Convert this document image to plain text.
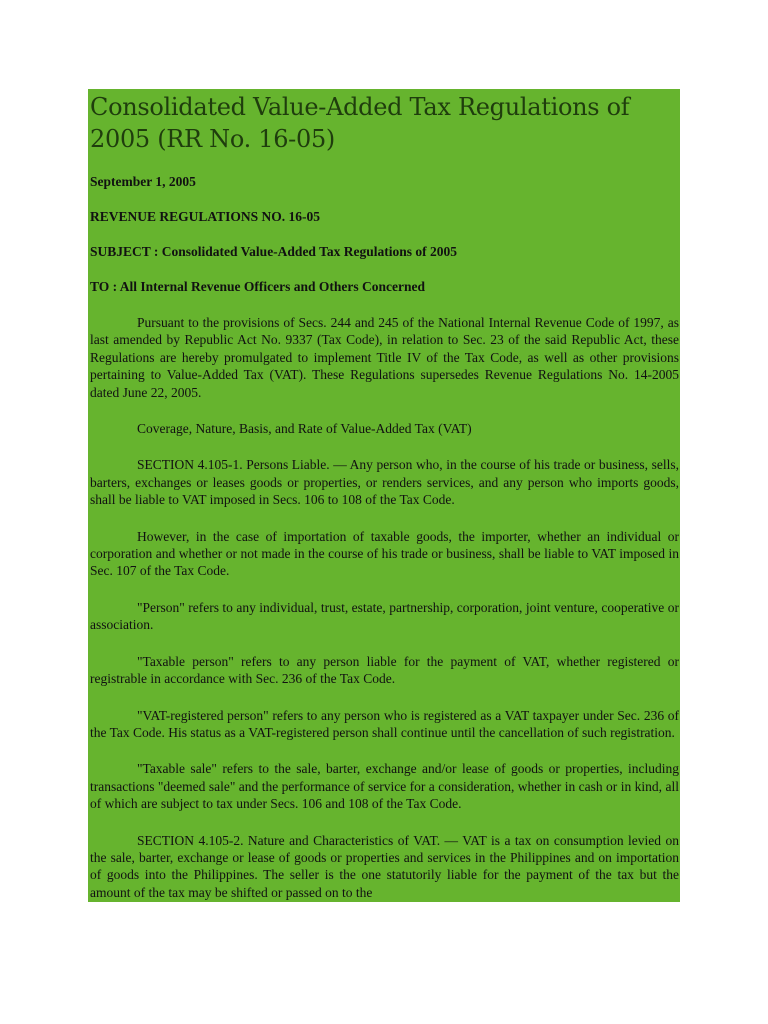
Consolidated Value-Added Tax Regulations of 2005 (RR No. 16-05)

September 1, 2005

REVENUE REGULATIONS NO. 16-05

SUBJECT : Consolidated Value-Added Tax Regulations of 2005

TO : All Internal Revenue Officers and Others Concerned

Pursuant to the provisions of Secs. 244 and 245 of the National Internal Revenue Code of 1997, as last amended by Republic Act No. 9337 (Tax Code), in relation to Sec. 23 of the said Republic Act, these Regulations are hereby promulgated to implement Title IV of the Tax Code, as well as other provisions pertaining to Value-Added Tax (VAT). These Regulations supersedes Revenue Regulations No. 14-2005 dated June 22, 2005.

Coverage, Nature, Basis, and Rate of Value-Added Tax (VAT)

SECTION 4.105-1. Persons Liable. — Any person who, in the course of his trade or business, sells, barters, exchanges or leases goods or properties, or renders services, and any person who imports goods, shall be liable to VAT imposed in Secs. 106 to 108 of the Tax Code.

However, in the case of importation of taxable goods, the importer, whether an individual or corporation and whether or not made in the course of his trade or business, shall be liable to VAT imposed in Sec. 107 of the Tax Code.

"Person" refers to any individual, trust, estate, partnership, corporation, joint venture, cooperative or association.

"Taxable person" refers to any person liable for the payment of VAT, whether registered or registrable in accordance with Sec. 236 of the Tax Code.

"VAT-registered person" refers to any person who is registered as a VAT taxpayer under Sec. 236 of the Tax Code. His status as a VAT-registered person shall continue until the cancellation of such registration.

"Taxable sale" refers to the sale, barter, exchange and/or lease of goods or properties, including transactions "deemed sale" and the performance of service for a consideration, whether in cash or in kind, all of which are subject to tax under Secs. 106 and 108 of the Tax Code.

SECTION 4.105-2. Nature and Characteristics of VAT. — VAT is a tax on consumption levied on the sale, barter, exchange or lease of goods or properties and services in the Philippines and on importation of goods into the Philippines. The seller is the one statutorily liable for the payment of the tax but the amount of the tax may be shifted or passed on to the
